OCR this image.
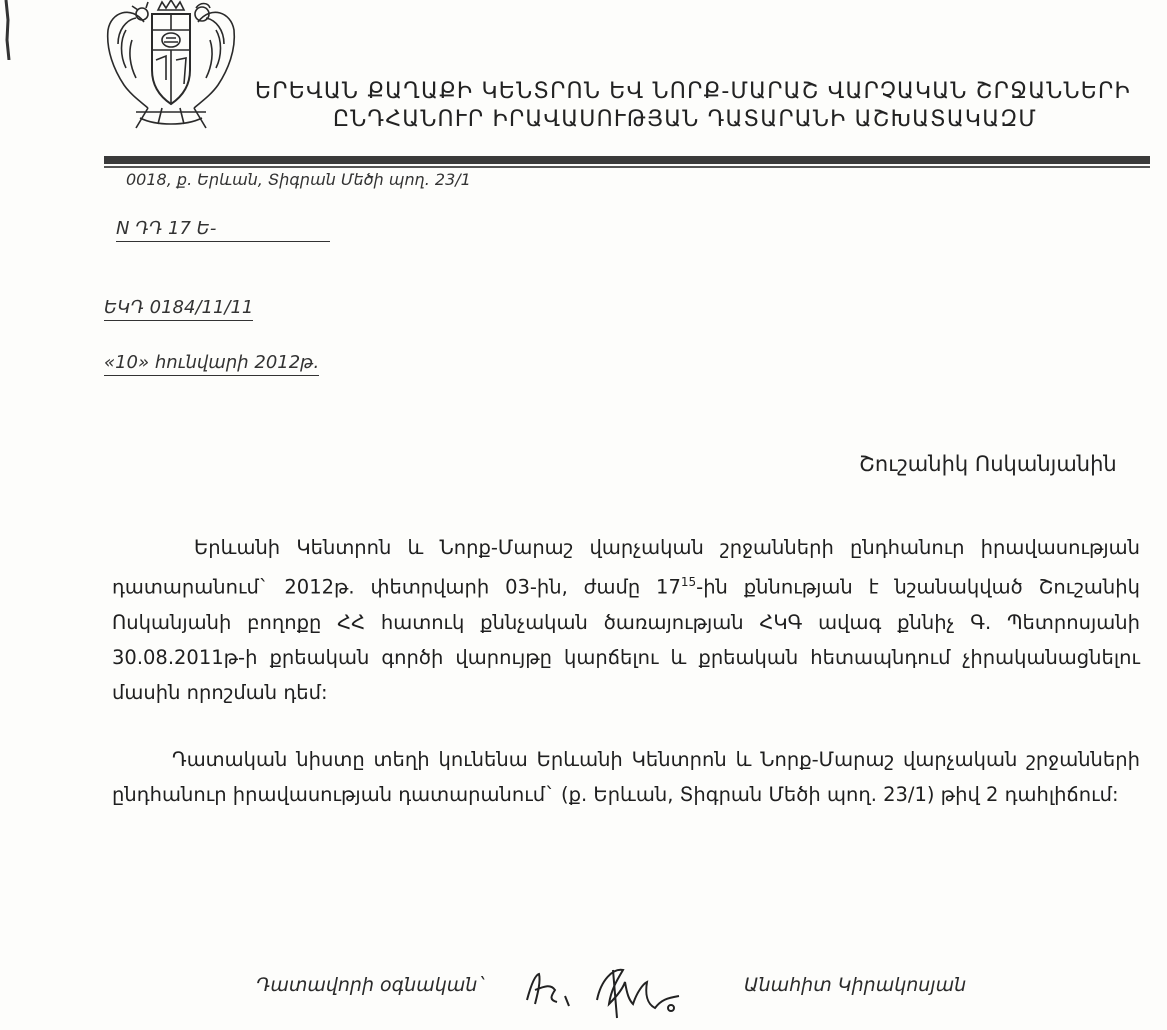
ԵՐԵՎԱՆ ՔԱՂԱՔԻ ԿԵՆՏՐՈՆ ԵՎ ՆՈՐՔ-ՄԱՐԱՇ ՎԱՐՉԱԿԱՆ ՇՐՋԱՆՆԵՐԻ
ԸՆԴՀԱՆՈՒՐ ԻՐԱՎԱՍՈՒԹՅԱՆ ԴԱՏԱՐԱՆԻ ԱՇԽԱՏԱԿԱԶՄ
0018, ք. Երևան, Տիգրան Մեծի պող. 23/1
N ԴԴ 17 Ե-
ԵԿԴ 0184/11/11
«10» հունվարի 2012թ.
Շուշանիկ Ոսկանյանին
Երևանի Կենտրոն և Նորք-Մարաշ վարչական շրջանների ընդհանուր իրավասության դատարանում` 2012թ. փետրվարի 03-ին, ժամը $17^{15}-ին$ քննության է նշանակված Շուշանիկ Ոսկանյանի բողոքը ՀՀ հատուկ քննչական ծառայության ՀԿԳ ավագ քննիչ Գ. Պետրոսյանի 30.08.2011թ-ի քրեական գործի վարույթը կարճելու և քրեական հետապնդում չիրականացնելու մասին որոշման դեմ:
Դատական նիստը տեղի կունենա Երևանի Կենտրոն և Նորք-Մարաշ վարչական շրջանների ընդհանուր իրավասության դատարանում` (ք. Երևան, Տիգրան Մեծի պող. 23/1) թիվ 2 դահլիճում:
Դատավորի օգնական`	Անահիտ Կիրակոսյան
